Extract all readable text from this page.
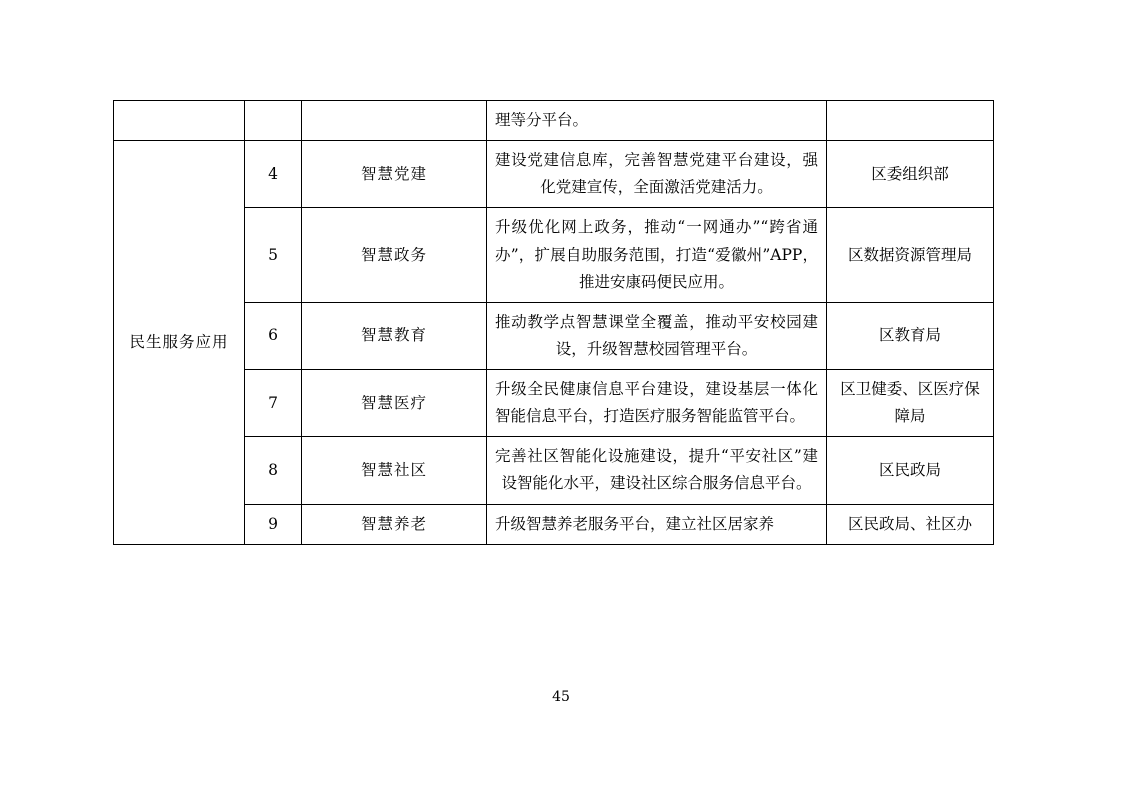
			理等分平台。	
民生服务应用	4	智慧党建	建设党建信息库，完善智慧党建平台建设，强化党建宣传，全面激活党建活力。	区委组织部
	5	智慧政务	升级优化网上政务，推动“一网通办”“跨省通办”，扩展自助服务范围，打造“爱徽州”APP，推进安康码便民应用。	区数据资源管理局
	6	智慧教育	推动教学点智慧课堂全覆盖，推动平安校园建设，升级智慧校园管理平台。	区教育局
	7	智慧医疗	升级全民健康信息平台建设，建设基层一体化智能信息平台，打造医疗服务智能监管平台。	区卫健委、区医疗保障局
	8	智慧社区	完善社区智能化设施建设，提升“平安社区”建设智能化水平，建设社区综合服务信息平台。	区民政局
	9	智慧养老	升级智慧养老服务平台，建立社区居家养	区民政局、社区办
45
